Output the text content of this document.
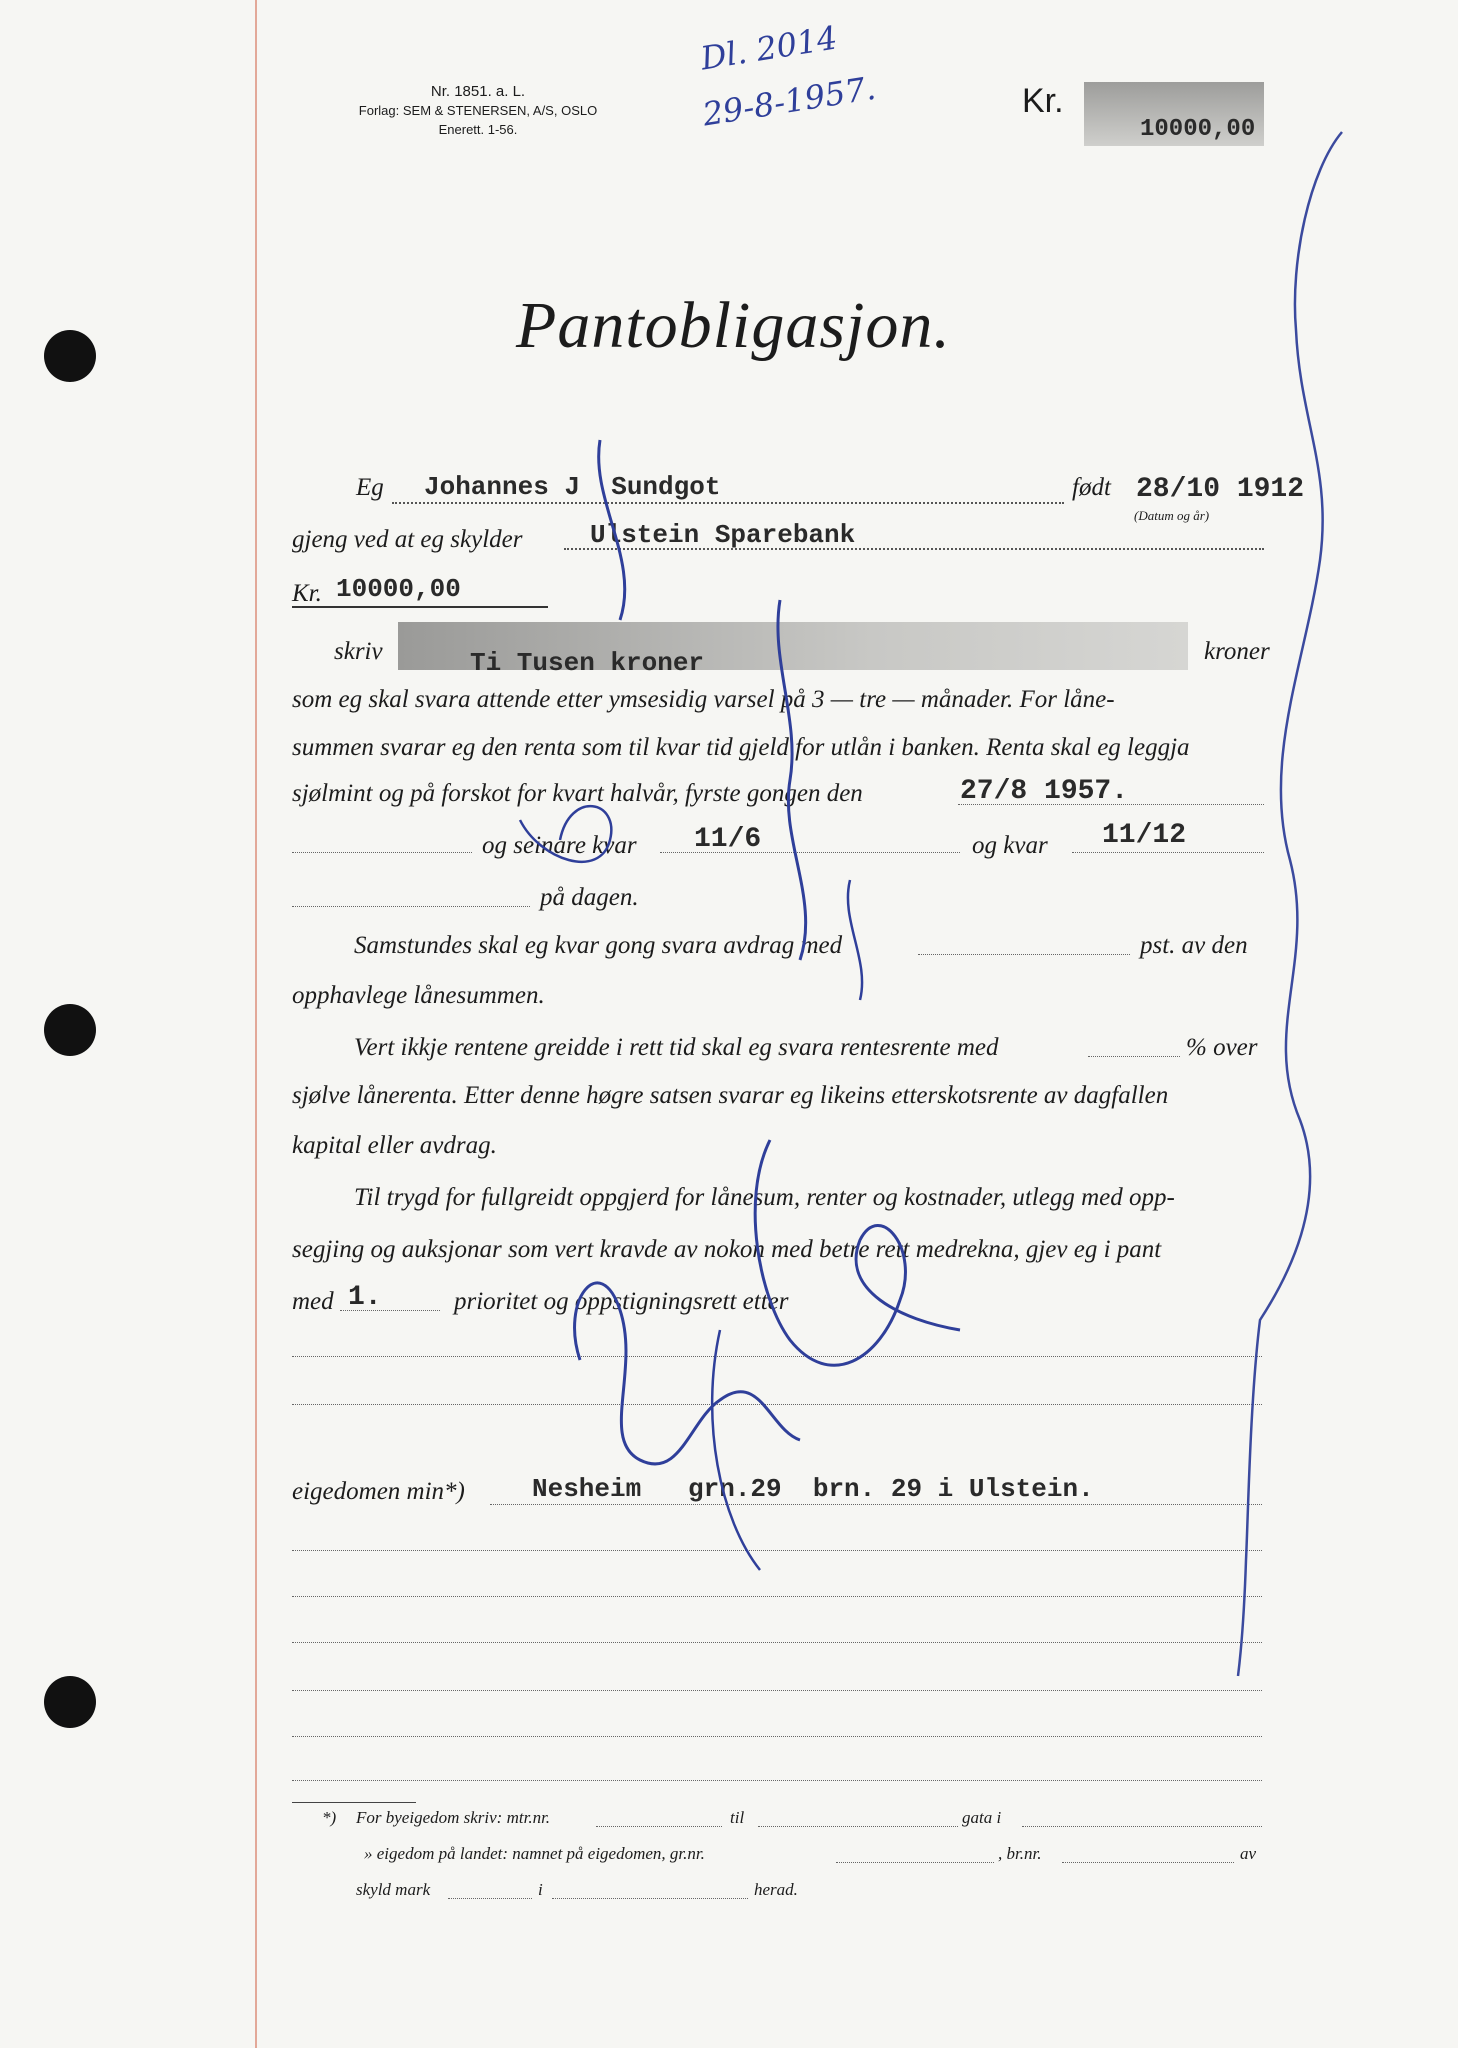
Nr. 1851. a. L.
Forlag: SEM & STENERSEN, A/S, OSLO
Enerett. 1-56.
Dl. 2014
29-8-1957.	Kr.
10000,00
Pantobligasjon.
Eg Johannes J  Sundgot	født 28/10 1912
(Datum og år)
gjeng ved at eg skylder	Ulstein Sparebank
Kr. 10000,00
skriv	Ti Tusen kroner	kroner
som eg skal svara attende etter ymsesidig varsel på 3 — tre — månader. For låne-
summen svarar eg den renta som til kvar tid gjeld for utlån i banken. Renta skal eg leggja
sjølmint og på forskot for kvart halvår, fyrste gongen den	27/8 1957.
og seinare kvar 11/6	og kvar 11/12
på dagen.
Samstundes skal eg kvar gong svara avdrag med	pst. av den
opphavlege lånesummen.
Vert ikkje rentene greidde i rett tid skal eg svara rentesrente med	% over
sjølve lånerenta. Etter denne høgre satsen svarar eg likeins etterskotsrente av dagfallen
kapital eller avdrag.
Til trygd for fullgreidt oppgjerd for lånesum, renter og kostnader, utlegg med opp-
segjing og auksjonar som vert kravde av nokon med betre rett medrekna, gjev eg i pant
med 1.	prioritet og oppstigningsrett etter
eigedomen min*)	Nesheim   grn.29  brn. 29 i Ulstein.
*) For byeigedom skriv: mtr.nr.	til	gata i
» eigedom på landet: namnet på eigedomen, gr.nr.	, br.nr.	av
skyld mark	i	herad.
